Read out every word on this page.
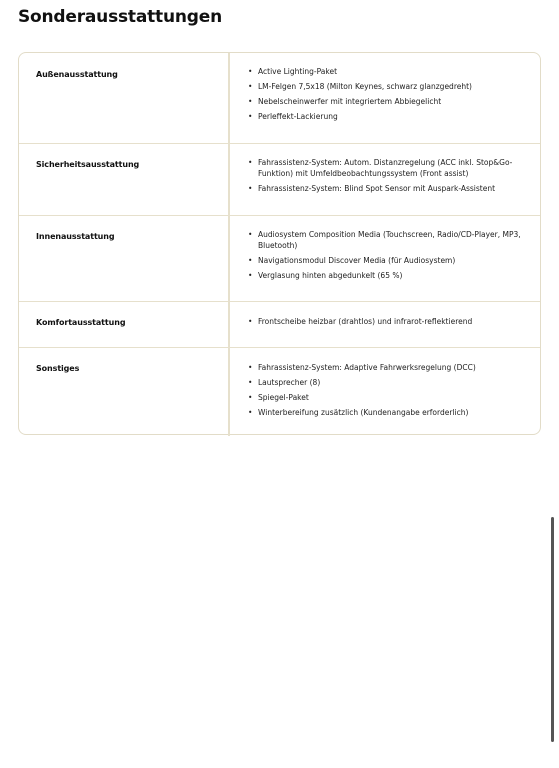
Sonderausstattungen
Außenausstattung	• Active Lighting-Paket
• LM-Felgen 7,5x18 (Milton Keynes, schwarz glanzgedreht)
• Nebelscheinwerfer mit integriertem Abbiegelicht
• Perleffekt-Lackierung
Sicherheitsausstattung	• Fahrassistenz-System: Autom. Distanzregelung (ACC inkl. Stop&Go-Funktion) mit Umfeldbeobachtungssystem (Front assist)
• Fahrassistenz-System: Blind Spot Sensor mit Auspark-Assistent
Innenausstattung	• Audiosystem Composition Media (Touchscreen, Radio/CD-Player, MP3, Bluetooth)
• Navigationsmodul Discover Media (für Audiosystem)
• Verglasung hinten abgedunkelt (65 %)
Komfortausstattung	• Frontscheibe heizbar (drahtlos) und infrarot-reflektierend
Sonstiges	• Fahrassistenz-System: Adaptive Fahrwerksregelung (DCC)
• Lautsprecher (8)
• Spiegel-Paket
• Winterbereifung zusätzlich (Kundenangabe erforderlich)
